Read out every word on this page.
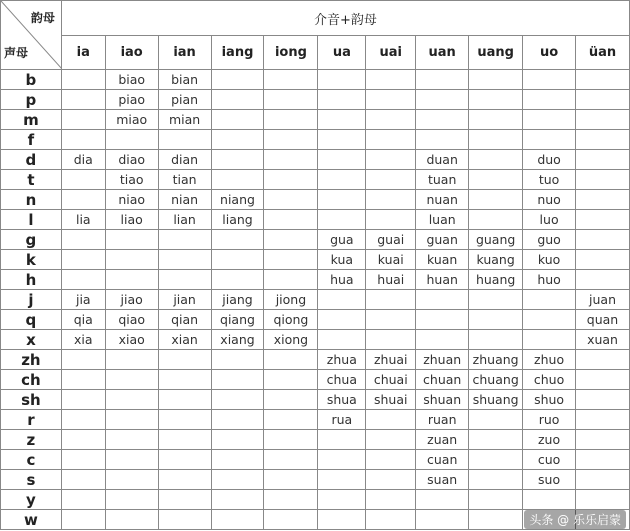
韵母
声母	介音+韵母										
	ia	iao	ian	iang	iong	ua	uai	uan	uang	uo	üan
b		biao	bian								
p		piao	pian								
m		miao	mian								
f											
d	dia	diao	dian					duan		duo	
t		tiao	tian					tuan		tuo	
n		niao	nian	niang				nuan		nuo	
l	lia	liao	lian	liang				luan		luo	
g						gua	guai	guan	guang	guo	
k						kua	kuai	kuan	kuang	kuo	
h						hua	huai	huan	huang	huo	
j	jia	jiao	jian	jiang	jiong						juan
q	qia	qiao	qian	qiang	qiong						quan
x	xia	xiao	xian	xiang	xiong						xuan
zh						zhua	zhuai	zhuan	zhuang	zhuo	
ch						chua	chuai	chuan	chuang	chuo	
sh						shua	shuai	shuan	shuang	shuo	
r						rua		ruan		ruo	
z								zuan		zuo	
c								cuan		cuo	
s								suan		suo	
y											
w												头条 @ 乐乐启蒙
